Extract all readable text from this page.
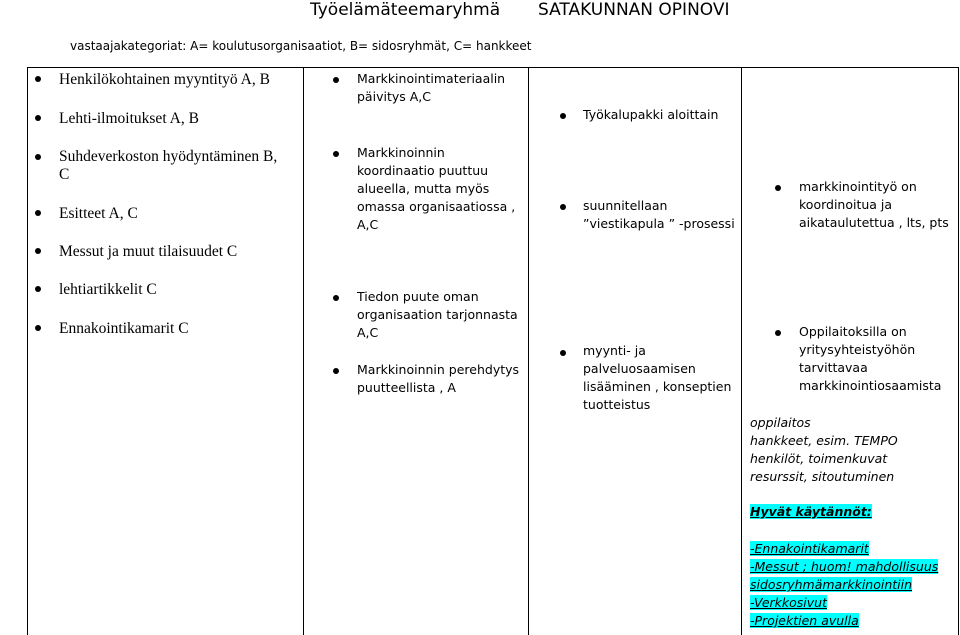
Työelämäteemaryhmä SATAKUNNAN OPINOVI
vastaajakategoriat: A= koulutusorganisaatiot, B= sidosryhmät, C= hankkeet
Henkilökohtainen myyntityö A, B
Lehti-ilmoitukset A, B
Suhdeverkoston hyödyntäminen B,
C
Esitteet A, C
Messut ja muut tilaisuudet C
lehtiartikkelit C
Ennakointikamarit C
Markkinointimateriaalin
päivitys A,C
Markkinoinnin
koordinaatio puuttuu
alueella, mutta myös
omassa organisaatiossa ,
A,C
Tiedon puute oman
organisaation tarjonnasta
A,C
Markkinoinnin perehdytys
puutteellista , A
Työkalupakki aloittain
suunnitellaan
”viestikapula ” -prosessi
myynti- ja
palveluosaamisen
lisääminen , konseptien
tuotteistus
markkinointityö on
koordinoitua ja
aikataulutettua , lts, pts
Oppilaitoksilla on
yritysyhteistyöhön
tarvittavaa
markkinointiosaamista
oppilaitos
hankkeet, esim. TEMPO
henkilöt, toimenkuvat
resurssit, sitoutuminen
Hyvät käytännöt:
-Ennakointikamarit
-Messut ; huom! mahdollisuus
sidosryhmämarkkinointiin
-Verkkosivut
-Projektien avulla
